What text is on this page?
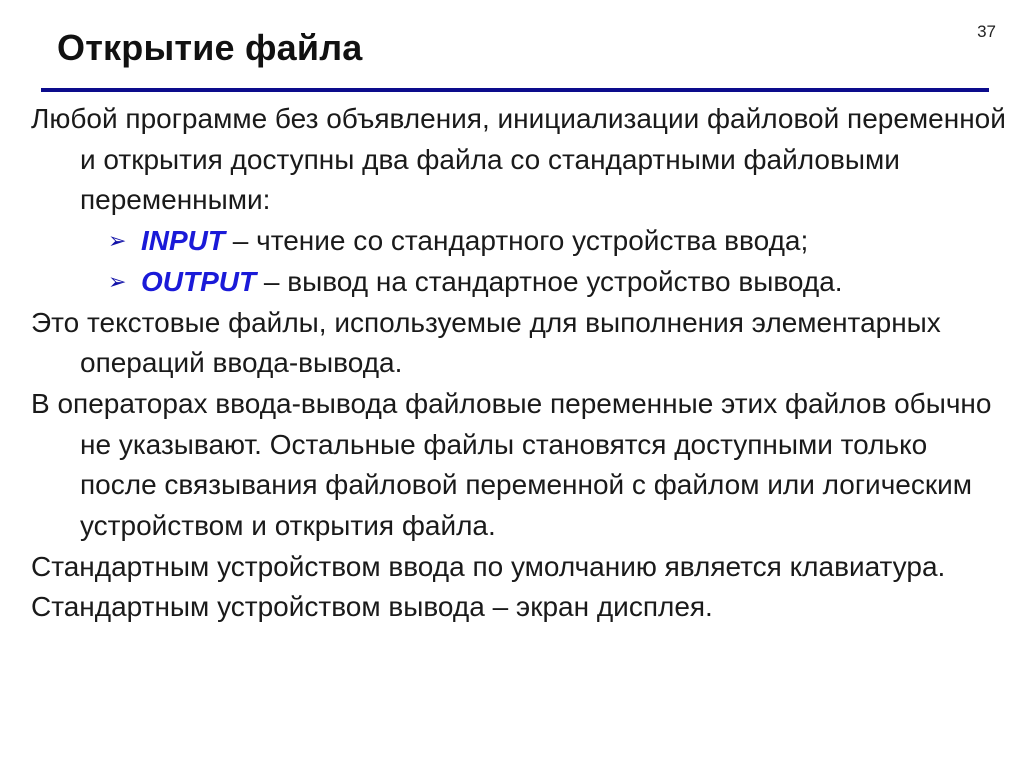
37
Открытие файла

Любой программе без объявления, инициализации файловой переменной и открытия доступны два файла со стандартными файловыми переменными:

➢ INPUT – чтение со стандартного устройства ввода;

➢ OUTPUT – вывод на стандартное устройство вывода.

Это текстовые файлы, используемые для выполнения элементарных операций ввода-вывода.

В операторах ввода-вывода файловые переменные этих файлов обычно не указывают. Остальные файлы становятся доступными только после связывания файловой переменной с файлом или логическим устройством и открытия файла.

Стандартным устройством ввода по умолчанию является клавиатура.

Стандартным устройством вывода – экран дисплея.
